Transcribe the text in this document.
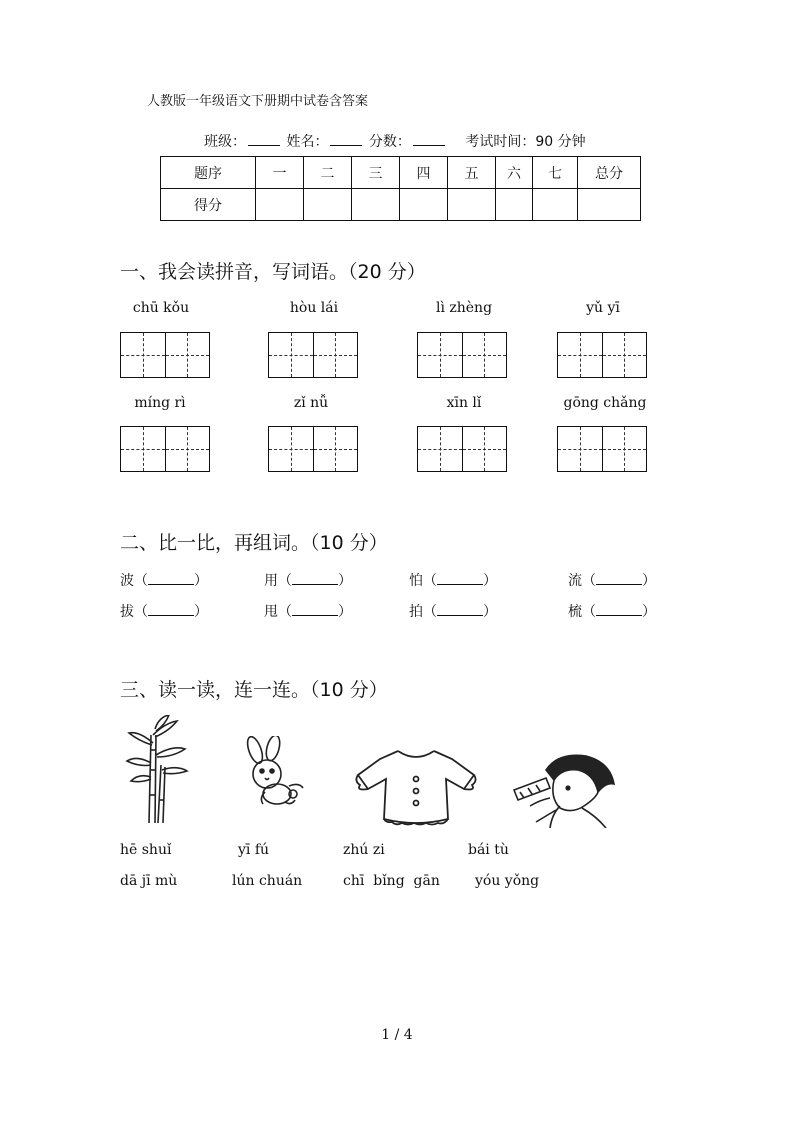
人教版一年级语文下册期中试卷含答案
班级：	姓名：	分数：	考试时间：90 分钟
题序	一	二	三	四	五	六	七	总分
得分								
一、我会读拼音，写词语。（20 分）
chū kǒu	hòu lái	lì zhèng	yǔ yī
míng rì	zǐ nǚ	xīn lǐ	gōng chǎng
二、比一比，再组词。（10 分）
波（	）	用（	）	怕（	）	流（	）
拔（	）	甩（	）	拍（	）	梳（	）
三、读一读，连一连。（10 分）
hē shuǐ	yī fú	zhú zi	bái tù
dā jī mù	lún chuán	chī  bǐng  gān	yóu yǒng
1 / 4
